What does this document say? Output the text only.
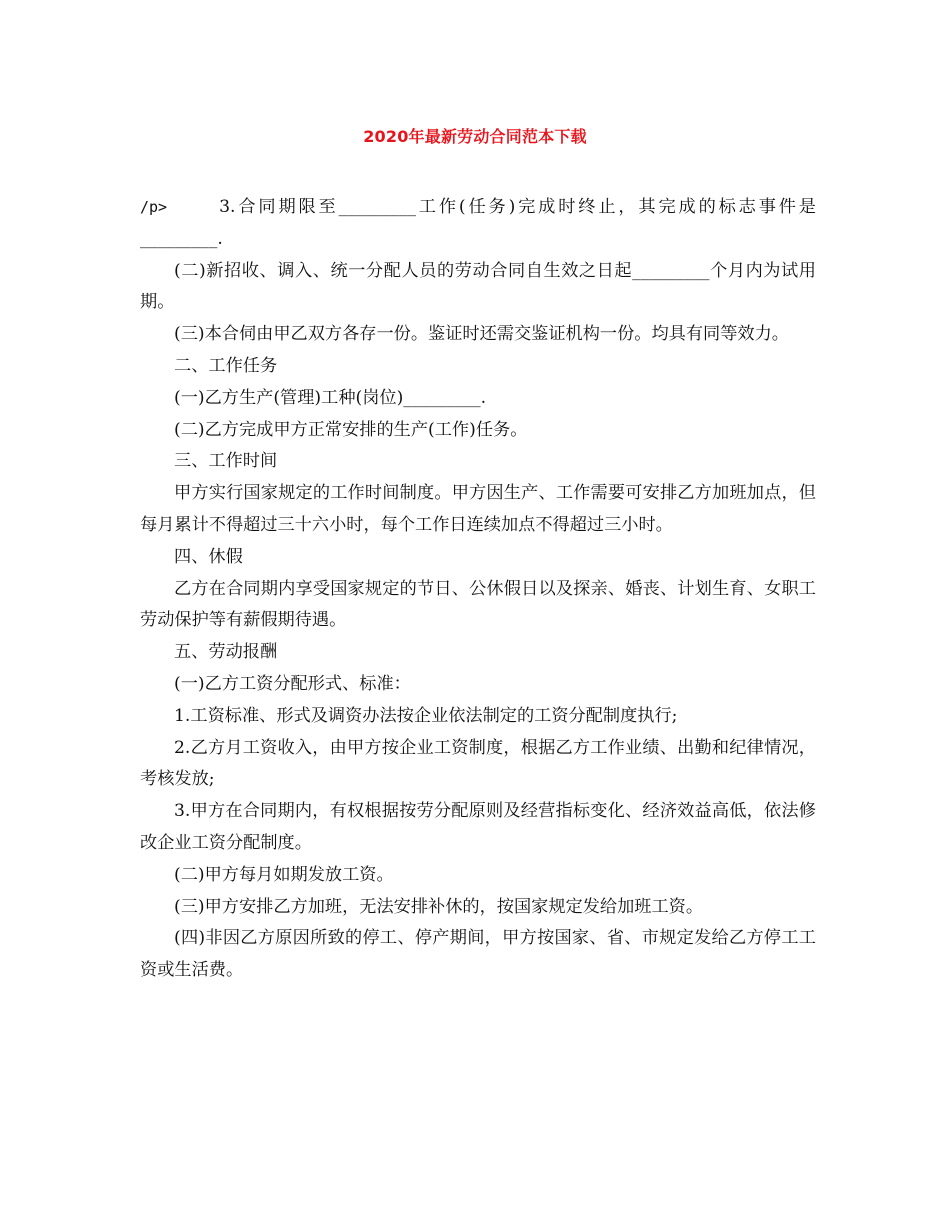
2020年最新劳动合同范本下载

/p>	3.合同期限至_________工作(任务)完成时终止，其完成的标志事件是_________.

(二)新招收、调入、统一分配人员的劳动合同自生效之日起_________个月内为试用期。

(三)本合伺由甲乙双方各存一份。鉴证时还需交鉴证机构一份。均具有同等效力。

二、工作任务

(一)乙方生产(管理)工种(岗位)_________.

(二)乙方完成甲方正常安排的生产(工作)任务。

三、工作时间

甲方实行国家规定的工作时间制度。甲方因生产、工作需要可安排乙方加班加点，但每月累计不得超过三十六小时，每个工作日连续加点不得超过三小时。

四、休假

乙方在合同期内享受国家规定的节日、公休假日以及探亲、婚丧、计划生育、女职工劳动保护等有薪假期待遇。

五、劳动报酬

(一)乙方工资分配形式、标准：

1.工资标准、形式及调资办法按企业依法制定的工资分配制度执行;

2.乙方月工资收入，由甲方按企业工资制度，根据乙方工作业绩、出勤和纪律情况，考核发放;

3.甲方在合同期内，有权根据按劳分配原则及经营指标变化、经济效益高低，依法修改企业工资分配制度。

(二)甲方每月如期发放工资。

(三)甲方安排乙方加班，无法安排补休的，按国家规定发给加班工资。

(四)非因乙方原因所致的停工、停产期间，甲方按国家、省、市规定发给乙方停工工资或生活费。
